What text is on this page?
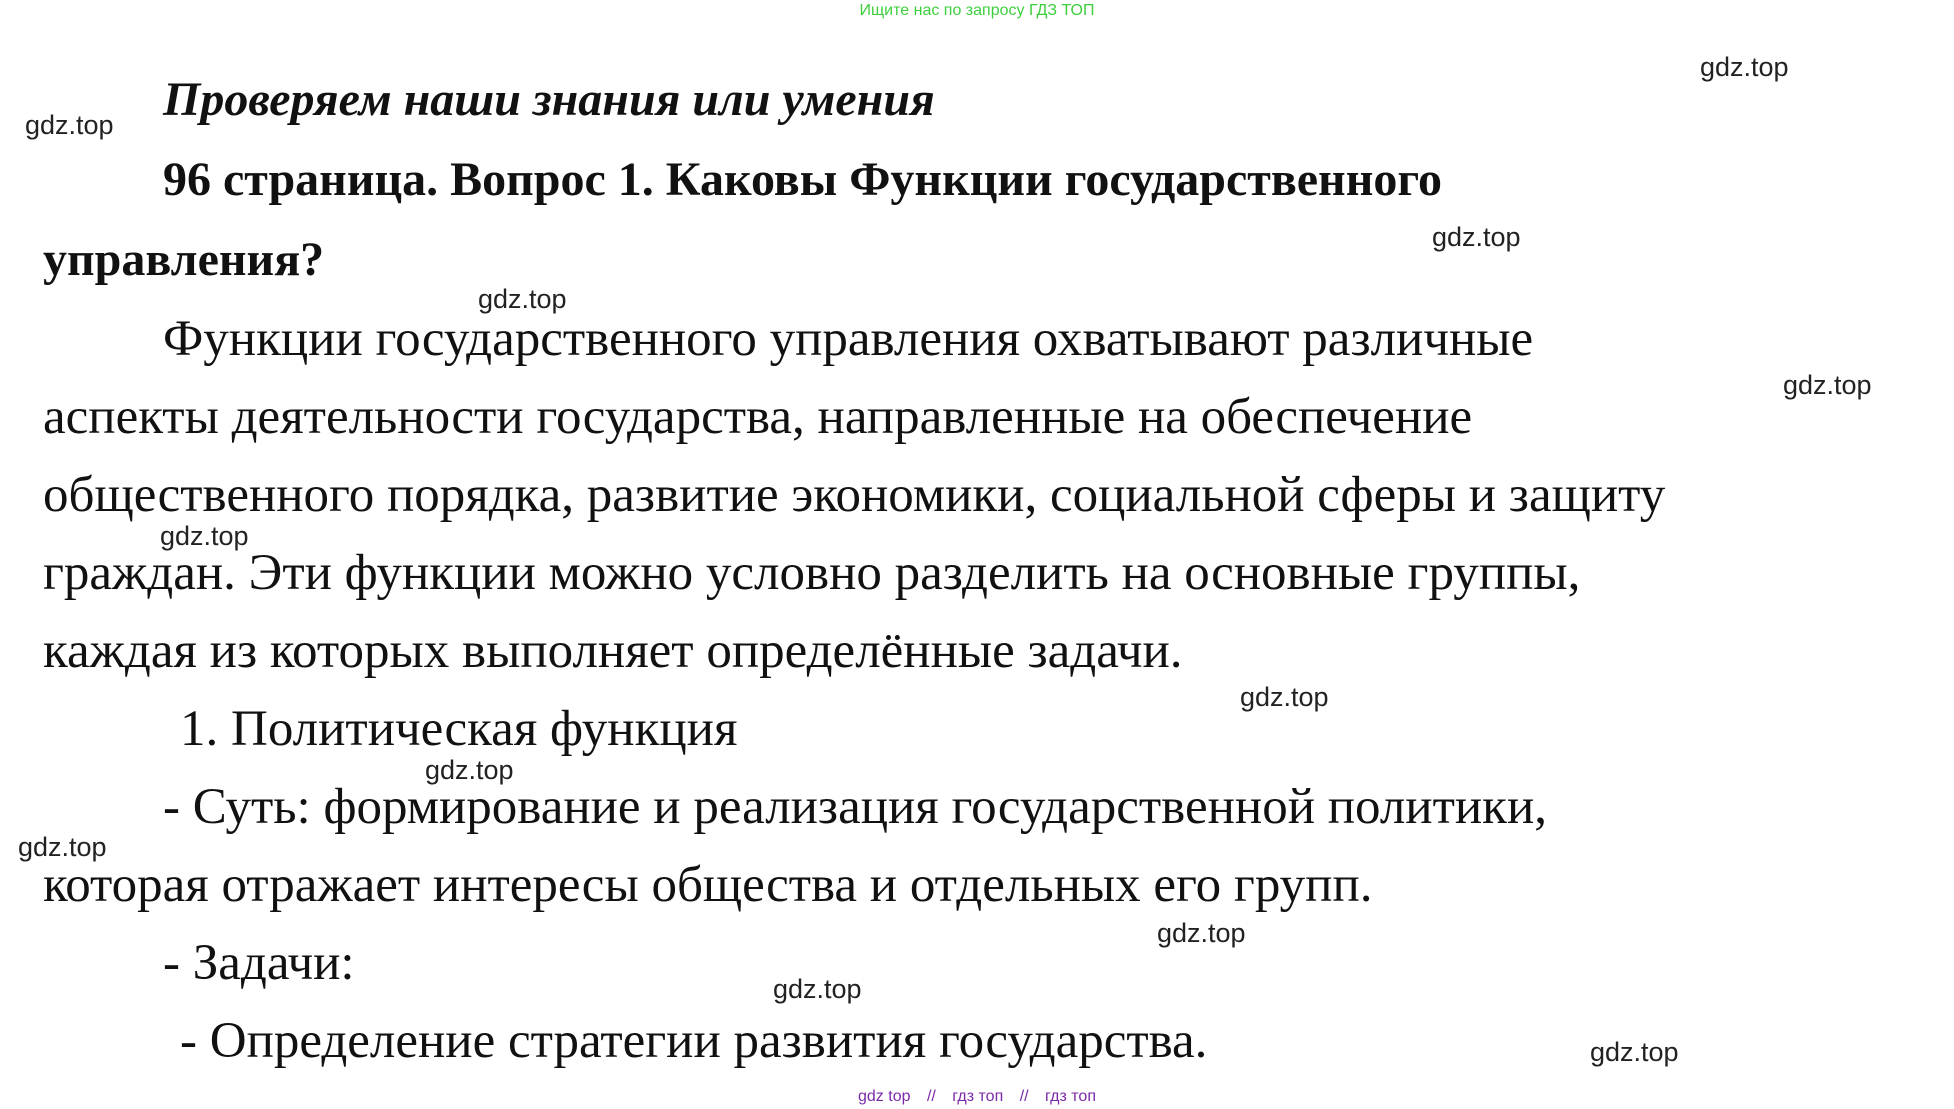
Ищите нас по запросу ГДЗ ТОП
Проверяем наши знания или умения
96 страница. Вопрос 1. Каковы Функции государственного
управления?
Функции государственного управления охватывают различные
аспекты деятельности государства, направленные на обеспечение
общественного порядка, развитие экономики, социальной сферы и защиту
граждан. Эти функции можно условно разделить на основные группы,
каждая из которых выполняет определённые задачи.
1. Политическая функция
- Суть: формирование и реализация государственной политики,
которая отражает интересы общества и отдельных его групп.
- Задачи:
- Определение стратегии развития государства.
gdz.top
gdz.top
gdz.top
gdz.top
gdz.top
gdz.top
gdz.top
gdz.top
gdz.top
gdz.top
gdz.top
gdz.top
gdz top // гдз топ // гдз топ
